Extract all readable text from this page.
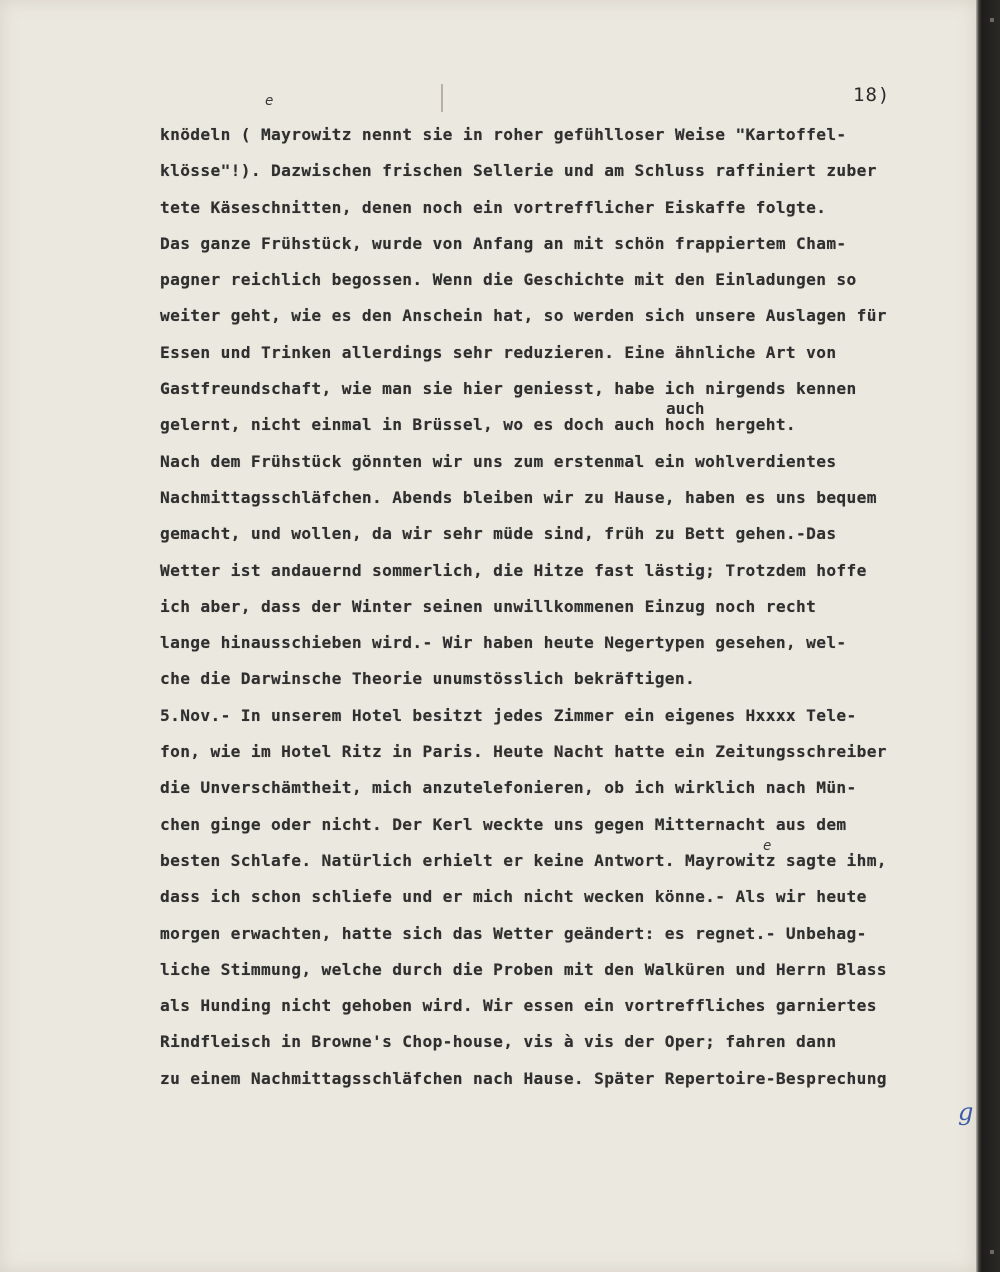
18)
e
auch
e
knödeln ( Mayrowitz nennt sie in roher gefühlloser Weise "Kartoffel-
klösse"!). Dazwischen frischen Sellerie und am Schluss raffiniert zuber
tete Käseschnitten, denen noch ein vortrefflicher Eiskaffe folgte.
Das ganze Frühstück, wurde von Anfang an mit schön frappiertem Cham-
pagner reichlich begossen. Wenn die Geschichte mit den Einladungen so
weiter geht, wie es den Anschein hat, so werden sich unsere Auslagen für
Essen und Trinken allerdings sehr reduzieren. Eine ähnliche Art von
Gastfreundschaft, wie man sie hier geniesst, habe ich nirgends kennen
gelernt, nicht einmal in Brüssel, wo es doch auch hoch hergeht.
Nach dem Frühstück gönnten wir uns zum erstenmal ein wohlverdientes
Nachmittagsschläfchen. Abends bleiben wir zu Hause, haben es uns bequem
gemacht, und wollen, da wir sehr müde sind, früh zu Bett gehen.-Das
Wetter ist andauernd sommerlich, die Hitze fast lästig; Trotzdem hoffe
ich aber, dass der Winter seinen unwillkommenen Einzug noch recht
lange hinausschieben wird.- Wir haben heute Negertypen gesehen, wel-
che die Darwinsche Theorie unumstösslich bekräftigen.
5.Nov.- In unserem Hotel besitzt jedes Zimmer ein eigenes Hxxxx Tele-
fon, wie im Hotel Ritz in Paris. Heute Nacht hatte ein Zeitungsschreiber
die Unverschämtheit, mich anzutelefonieren, ob ich wirklich nach Mün-
chen ginge oder nicht. Der Kerl weckte uns gegen Mitternacht aus dem
besten Schlafe. Natürlich erhielt er keine Antwort. Mayrowitz sagte ihm,
dass ich schon schliefe und er mich nicht wecken könne.- Als wir heute
morgen erwachten, hatte sich das Wetter geändert: es regnet.- Unbehag-
liche Stimmung, welche durch die Proben mit den Walküren und Herrn Blass
als Hunding nicht gehoben wird. Wir essen ein vortreffliches garniertes
Rindfleisch in Browne's Chop-house, vis à vis der Oper; fahren dann
zu einem Nachmittagsschläfchen nach Hause. Später Repertoire-Besprechung
g
